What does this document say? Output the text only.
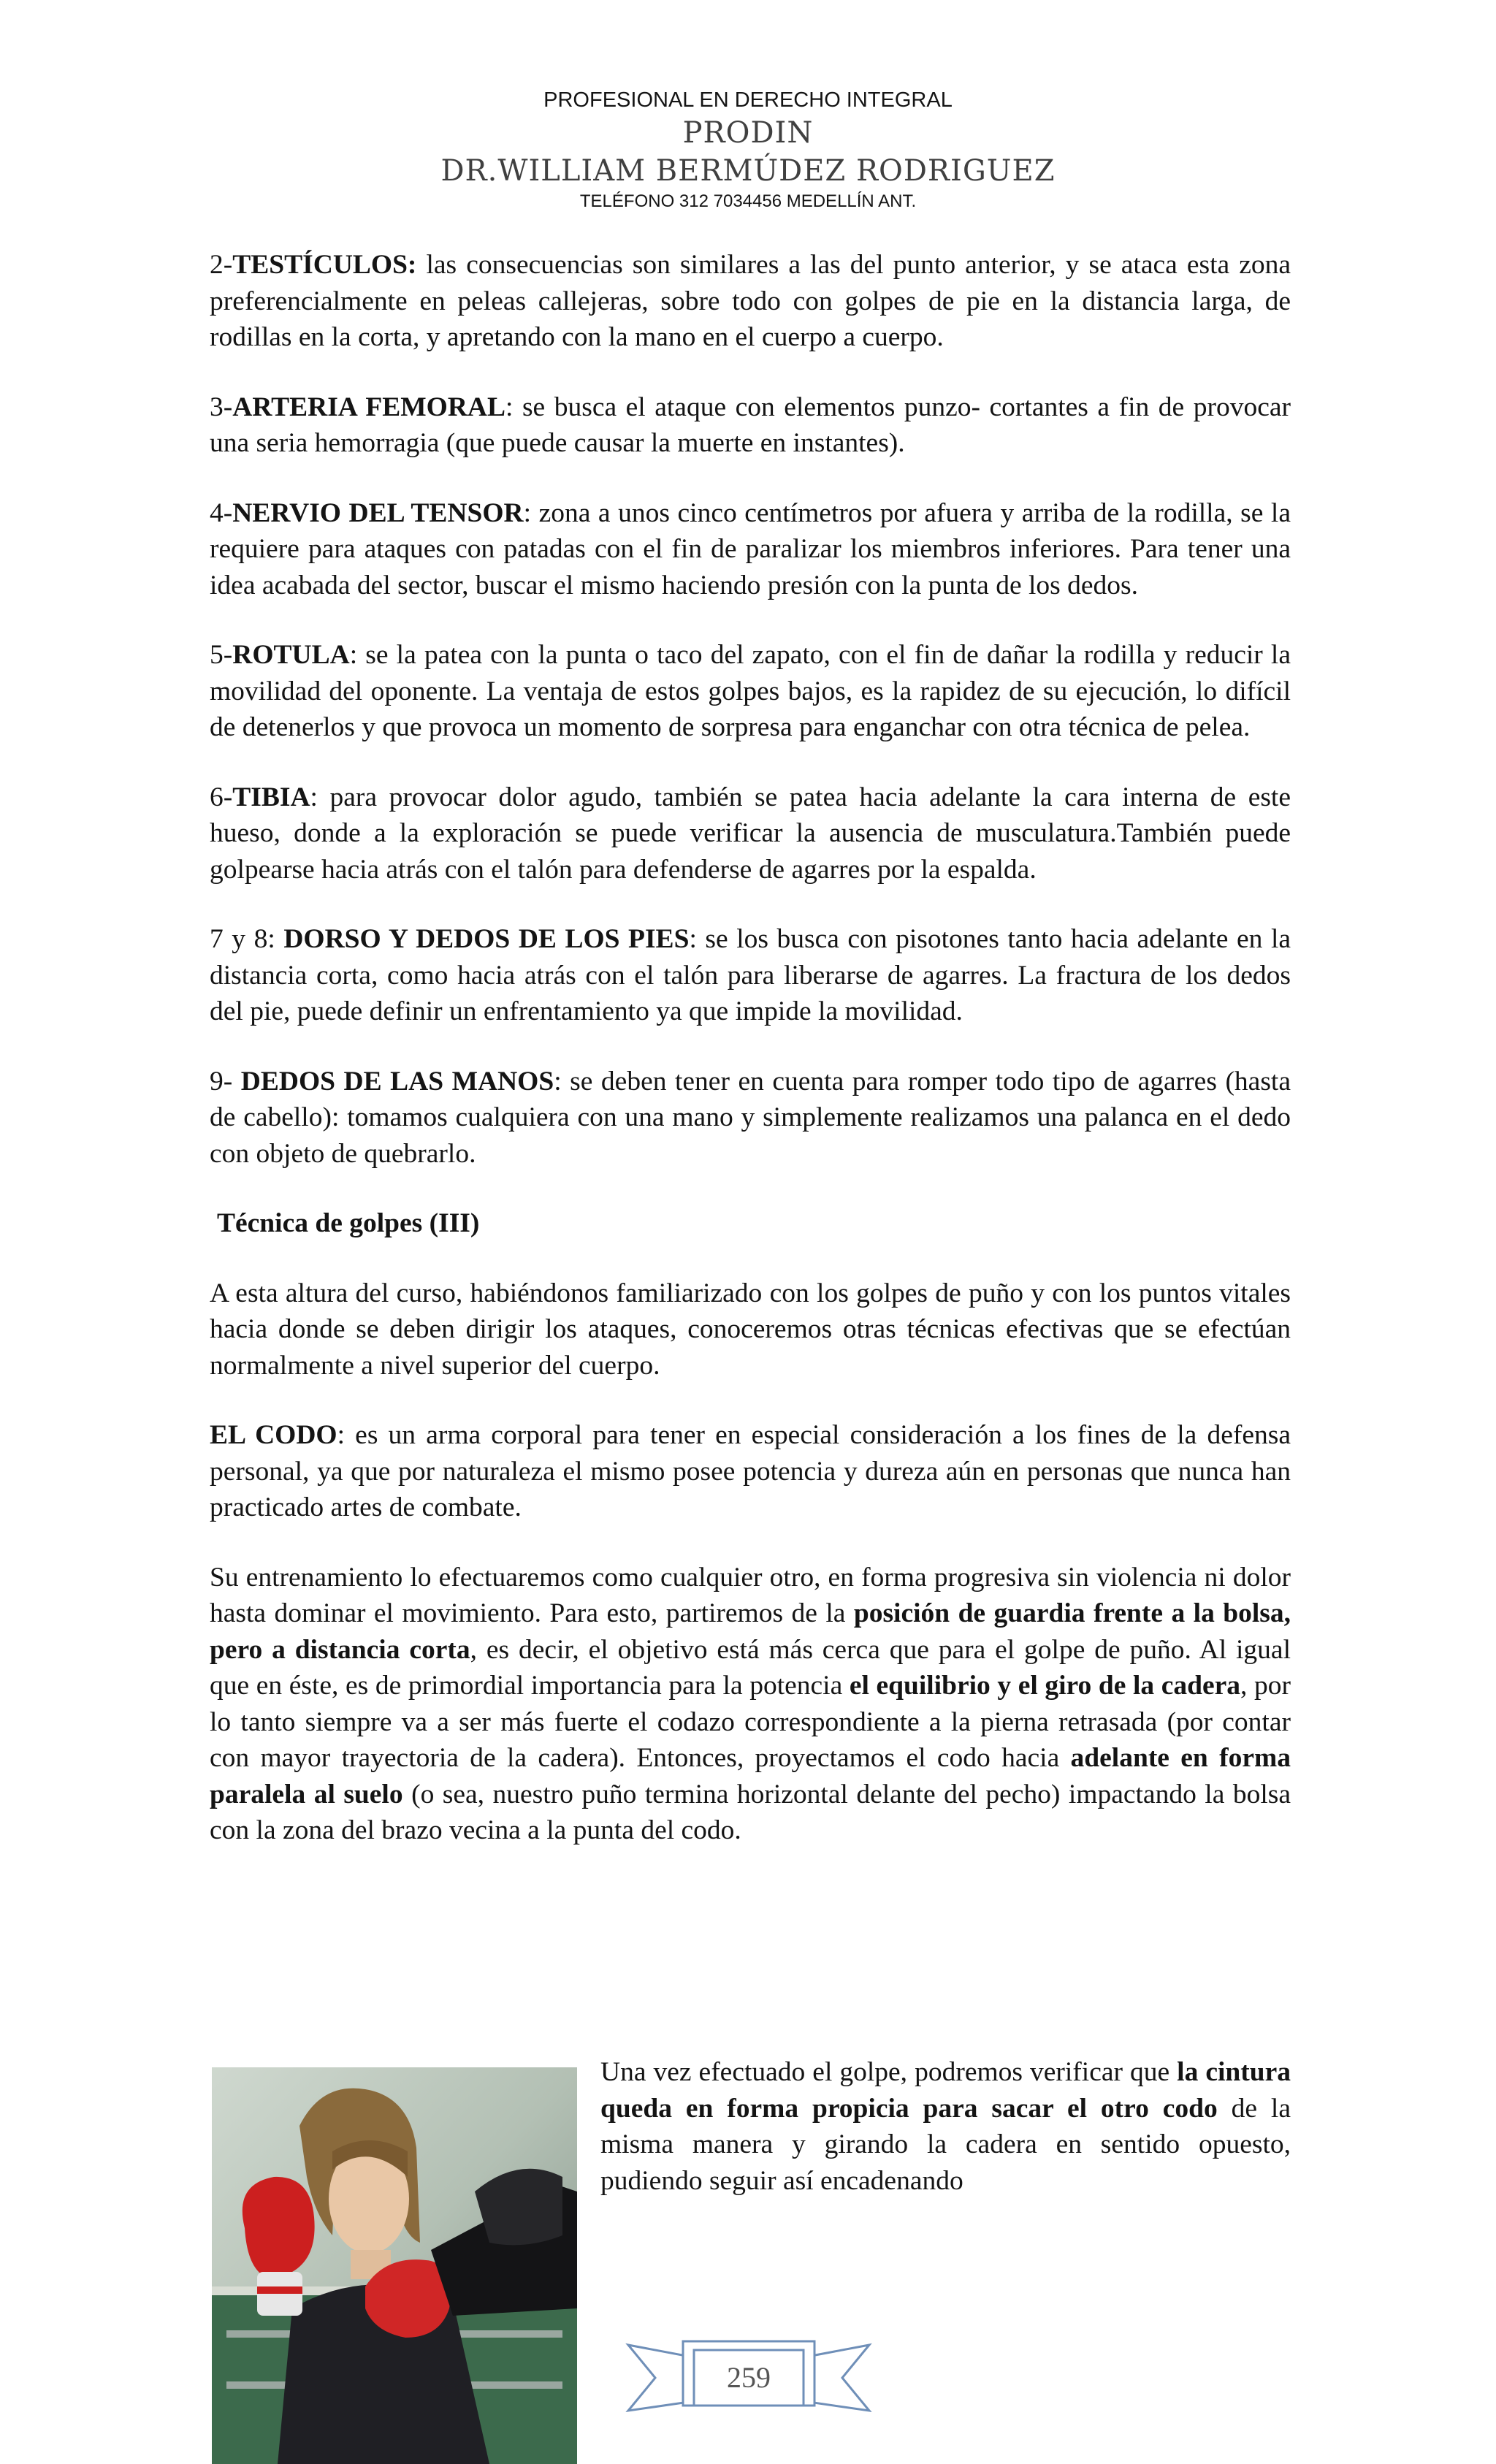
PROFESIONAL EN DERECHO INTEGRAL
PRODIN
DR.WILLIAM BERMÚDEZ RODRIGUEZ
TELÉFONO 312 7034456 MEDELLÍN ANT.

2-TESTÍCULOS: las consecuencias son similares a las del punto anterior, y se ataca esta zona preferencialmente en peleas callejeras, sobre todo con golpes de pie en la distancia larga, de rodillas en la corta, y apretando con la mano en el cuerpo a cuerpo.

3-ARTERIA FEMORAL: se busca el ataque con elementos punzo- cortantes a fin de provocar una seria hemorragia (que puede causar la muerte en instantes).

4-NERVIO DEL TENSOR: zona a unos cinco centímetros por afuera y arriba de la rodilla, se la requiere para ataques con patadas con el fin de paralizar los miembros inferiores. Para tener una idea acabada del sector, buscar el mismo haciendo presión con la punta de los dedos.

5-ROTULA: se la patea con la punta o taco del zapato, con el fin de dañar la rodilla y reducir la movilidad del oponente. La ventaja de estos golpes bajos, es la rapidez de su ejecución, lo difícil de detenerlos y que provoca un momento de sorpresa para enganchar con otra técnica de pelea.

6-TIBIA: para provocar dolor agudo, también se patea hacia adelante la cara interna de este hueso, donde a la exploración se puede verificar la ausencia de musculatura.También puede golpearse hacia atrás con el talón para defenderse de agarres por la espalda.

7 y 8: DORSO Y DEDOS DE LOS PIES: se los busca con pisotones tanto hacia adelante en la distancia corta, como hacia atrás con el talón para liberarse de agarres. La fractura de los dedos del pie, puede definir un enfrentamiento ya que impide la movilidad.

9- DEDOS DE LAS MANOS: se deben tener en cuenta para romper todo tipo de agarres (hasta de cabello): tomamos cualquiera con una mano y simplemente realizamos una palanca en el dedo con objeto de quebrarlo.

Técnica de golpes (III)

A esta altura del curso, habiéndonos familiarizado con los golpes de puño y con los puntos vitales hacia donde se deben dirigir los ataques, conoceremos otras técnicas efectivas que se efectúan normalmente a nivel superior del cuerpo.

EL CODO: es un arma corporal para tener en especial consideración a los fines de la defensa personal, ya que por naturaleza el mismo posee potencia y dureza aún en personas que nunca han practicado artes de combate.

Su entrenamiento lo efectuaremos como cualquier otro, en forma progresiva sin violencia ni dolor hasta dominar el movimiento. Para esto, partiremos de la posición de guardia frente a la bolsa, pero a distancia corta, es decir, el objetivo está más cerca que para el golpe de puño. Al igual que en éste, es de primordial importancia para la potencia el equilibrio y el giro de la cadera, por lo tanto siempre va a ser más fuerte el codazo correspondiente a la pierna retrasada (por contar con mayor trayectoria de la cadera). Entonces, proyectamos el codo hacia adelante en forma paralela al suelo (o sea, nuestro puño termina horizontal delante del pecho) impactando la bolsa con la zona del brazo vecina a la punta del codo.

Una vez efectuado el golpe, podremos verificar que la cintura queda en forma propicia para sacar el otro codo de la misma manera y girando la cadera en sentido opuesto, pudiendo seguir así encadenando
259
